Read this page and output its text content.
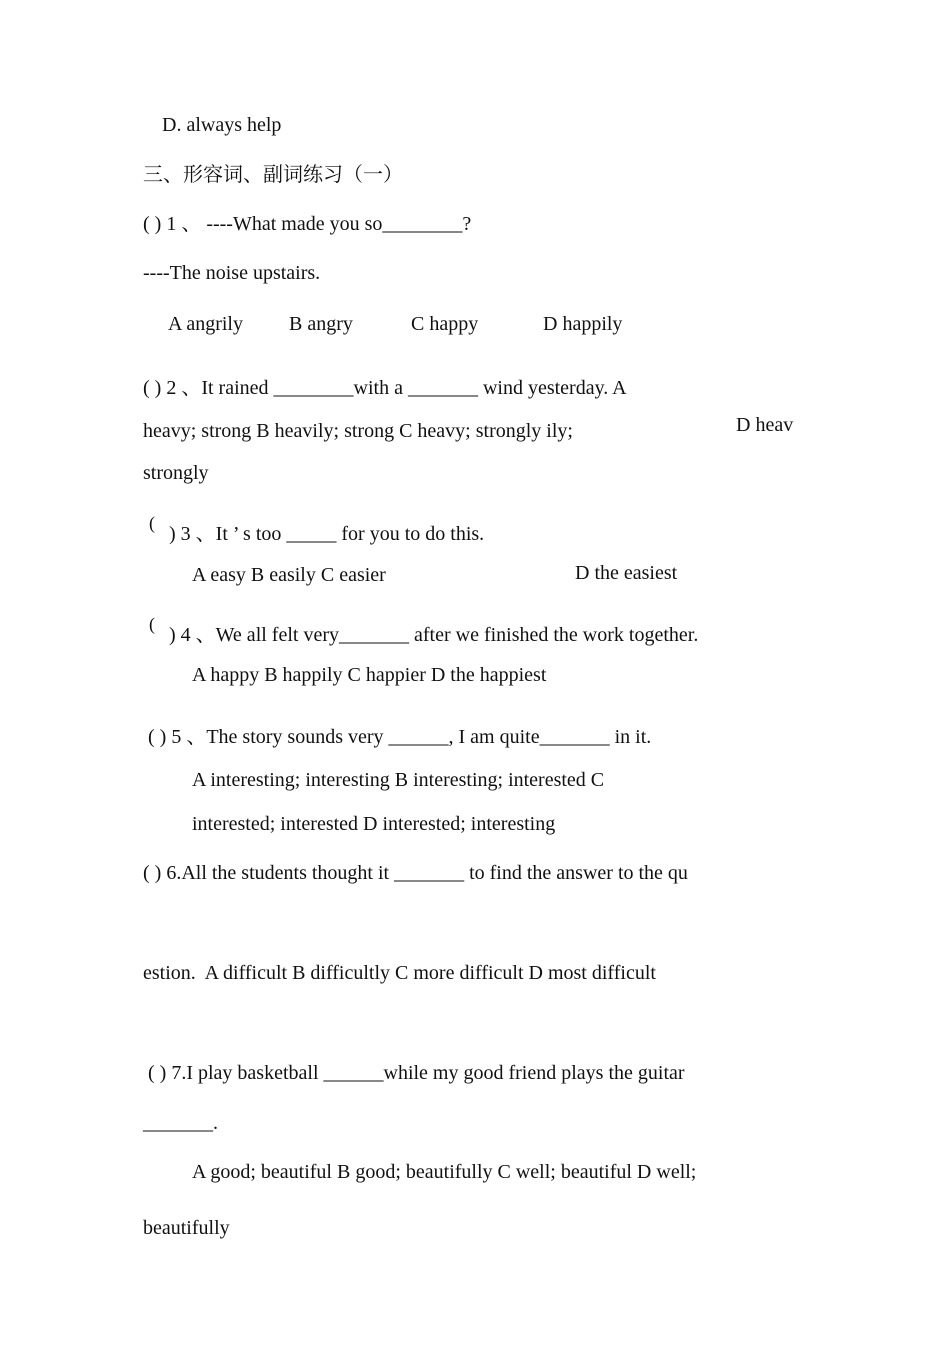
D. always help
三、形容词、副词练习（一）
( ) 1 、 ----What made you so________?
----The noise upstairs.
A angrily B angry	C happy	D happily
( ) 2 、It rained ________with a _______ wind yesterday. A
heavy; strong B heavily; strong C heavy; strongly ily;	D heav
strongly
( ) 3 、It ’ s too _____ for you to do this.
A easy B easily C easier	D the easiest
( ) 4 、We all felt very_______ after we finished the work together.
A happy B happily C happier D the happiest
( ) 5 、The story sounds very ______, I am quite_______ in it.
A interesting; interesting B interesting; interested C
interested; interested D interested; interesting
( ) 6.All the students thought it _______ to find the answer to the qu
estion.  A difficult B difficultly C more difficult D most difficult
( ) 7.I play basketball ______while my good friend plays the guitar
_______.
A good; beautiful B good; beautifully C well; beautiful D well;
beautifully
